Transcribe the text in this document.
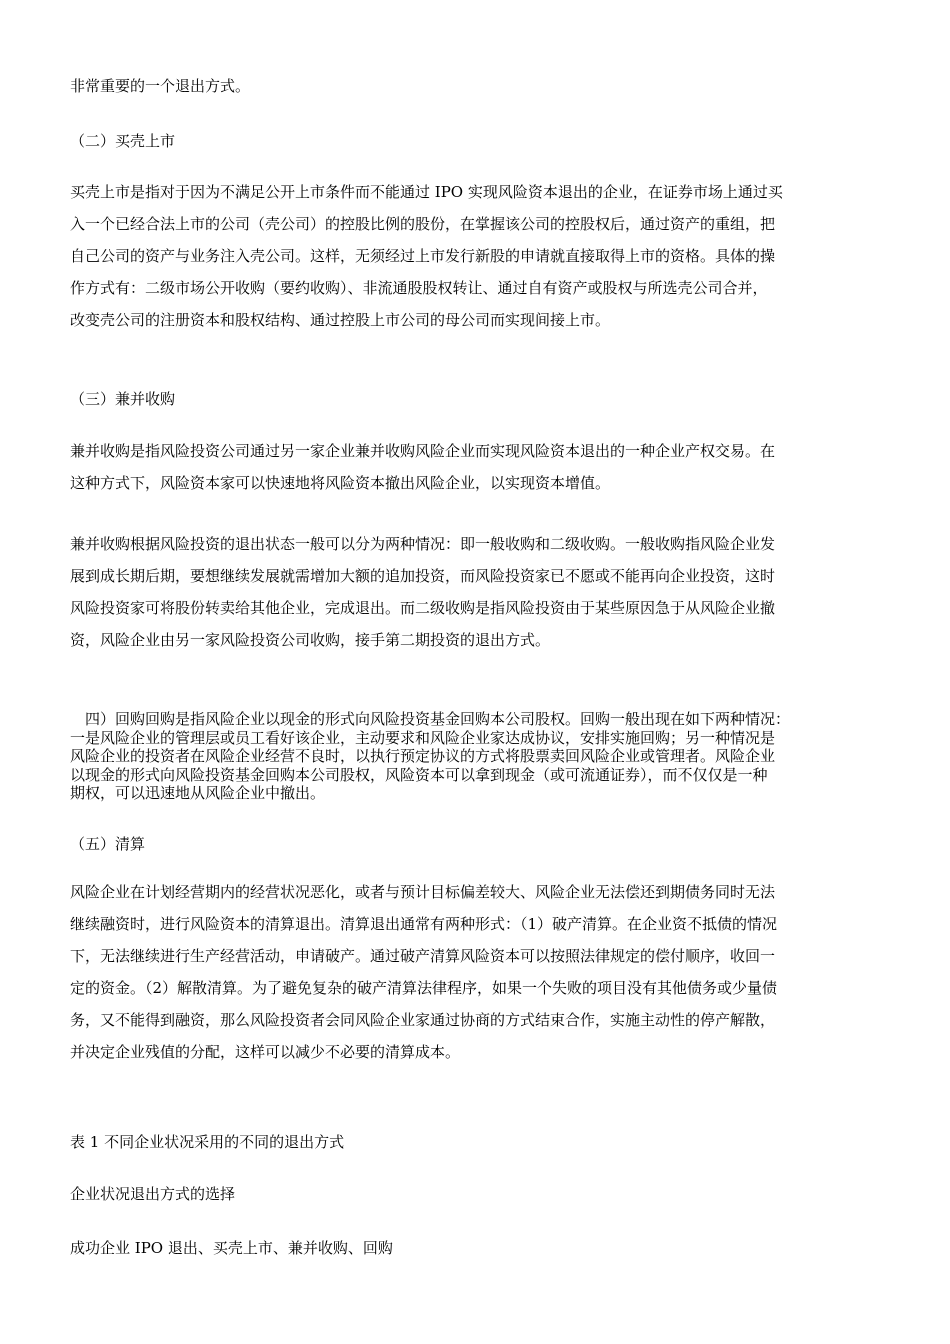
非常重要的一个退出方式。

（二）买壳上市

买壳上市是指对于因为不满足公开上市条件而不能通过 IPO 实现风险资本退出的企业，在证券市场上通过买
入一个已经合法上市的公司（壳公司）的控股比例的股份，在掌握该公司的控股权后，通过资产的重组，把
自己公司的资产与业务注入壳公司。这样，无须经过上市发行新股的申请就直接取得上市的资格。具体的操
作方式有：二级市场公开收购（要约收购）、非流通股股权转让、通过自有资产或股权与所选壳公司合并，
改变壳公司的注册资本和股权结构、通过控股上市公司的母公司而实现间接上市。

（三）兼并收购

兼并收购是指风险投资公司通过另一家企业兼并收购风险企业而实现风险资本退出的一种企业产权交易。在
这种方式下，风险资本家可以快速地将风险资本撤出风险企业，以实现资本增值。

兼并收购根据风险投资的退出状态一般可以分为两种情况：即一般收购和二级收购。一般收购指风险企业发
展到成长期后期，要想继续发展就需增加大额的追加投资，而风险投资家已不愿或不能再向企业投资，这时
风险投资家可将股份转卖给其他企业，完成退出。而二级收购是指风险投资由于某些原因急于从风险企业撤
资，风险企业由另一家风险投资公司收购，接手第二期投资的退出方式。

　四）回购回购是指风险企业以现金的形式向风险投资基金回购本公司股权。回购一般出现在如下两种情况：
一是风险企业的管理层或员工看好该企业，主动要求和风险企业家达成协议，安排实施回购；另一种情况是
风险企业的投资者在风险企业经营不良时，以执行预定协议的方式将股票卖回风险企业或管理者。风险企业
以现金的形式向风险投资基金回购本公司股权，风险资本可以拿到现金（或可流通证券），而不仅仅是一种
期权，可以迅速地从风险企业中撤出。

（五）清算

风险企业在计划经营期内的经营状况恶化，或者与预计目标偏差较大、风险企业无法偿还到期债务同时无法
继续融资时，进行风险资本的清算退出。清算退出通常有两种形式：（1）破产清算。在企业资不抵债的情况
下，无法继续进行生产经营活动，申请破产。通过破产清算风险资本可以按照法律规定的偿付顺序，收回一
定的资金。（2）解散清算。为了避免复杂的破产清算法律程序，如果一个失败的项目没有其他债务或少量债
务，又不能得到融资，那么风险投资者会同风险企业家通过协商的方式结束合作，实施主动性的停产解散，
并决定企业残值的分配，这样可以减少不必要的清算成本。

表 1 不同企业状况采用的不同的退出方式

企业状况退出方式的选择

成功企业 IPO 退出、买壳上市、兼并收购、回购
